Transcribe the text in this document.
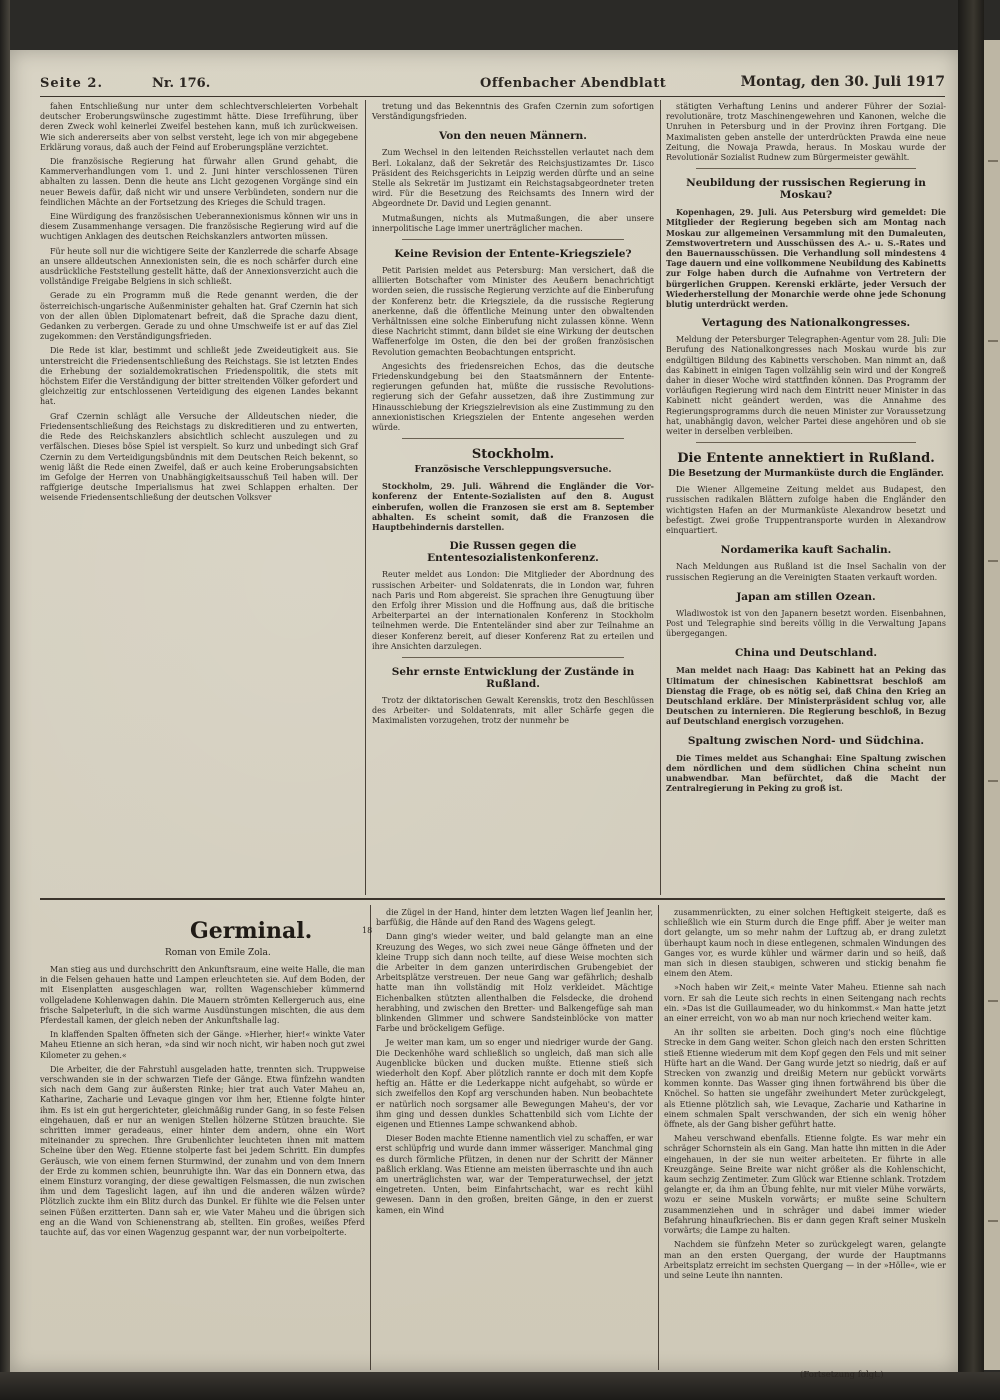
Seite 2.	Nr. 176.	Offenbacher Abendblatt	Montag, den 30. Juli 1917

fahen Entschließung nur unter dem schlechtverschleierten Vorbehalt deutscher Eroberungswünsche zugestimmt hätte. Diese Irreführung, über deren Zweck wohl keinerlei Zweifel bestehen kann, muß ich zurückweisen. Wie sich andererseits aber von selbst versteht, lege ich von mir abgegebene Erklärung voraus, daß auch der Feind auf Eroberungspläne verzichtet.

Die französische Regierung hat fürwahr allen Grund gehabt, die Kammerverhandlungen vom 1. und 2. Juni hinter verschlossenen Türen abhalten zu lassen. Denn die heute ans Licht gezogenen Vorgänge sind ein neuer Beweis dafür, daß nicht wir und unsere Verbündeten, sondern nur die feindlichen Mächte an der Fortsetzung des Krieges die Schuld tragen.

Eine Würdigung des französischen Ueberannexionismus können wir uns in diesem Zusammenhange versagen. Die französische Regierung wird auf die wuchtigen Anklagen des deutschen Reichskanzlers antworten müssen.

Für heute soll nur die wichtigere Seite der Kanzlerrede die scharfe Absage an unsere alldeutschen Annexionisten sein, die es noch schärfer durch eine ausdrückliche Feststellung gestellt hätte, daß der Annexionsverzicht auch die vollständige Freigabe Belgiens in sich schließt.

Gerade zu ein Programm muß die Rede genannt werden, die der österreichisch-ungarische Außenminister gehalten hat. Graf Czernin hat sich von der allen üblen Diplomatenart befreit, daß die Sprache dazu dient, Gedanken zu verbergen. Gerade zu und ohne Umschweife ist er auf das Ziel zugekommen: den Verständigungsfrieden.

Die Rede ist klar, bestimmt und schließt jede Zweideutigkeit aus. Sie unterstreicht die Friedensentschließung des Reichstags. Sie ist letzten Endes die Erhebung der sozialdemokratischen Friedenspolitik, die stets mit höchstem Eifer die Verständigung der bitter streitenden Völker gefordert und gleichzeitig zur entschlossenen Verteidigung des eigenen Landes bekannt hat.

Graf Czernin schlägt alle Versuche der Alldeutschen nieder, die Friedensentschließung des Reichstags zu diskreditieren und zu entwerten, die Rede des Reichskanzlers absichtlich schlecht auszulegen und zu verfälschen. Dieses böse Spiel ist verspielt. So kurz und unbedingt sich Graf Czernin zu dem Verteidigungsbündnis mit dem Deutschen Reich bekennt, so wenig läßt die Rede einen Zweifel, daß er auch keine Eroberungsabsichten im Gefolge der Herren von Unabhängigkeitsausschuß Teil haben will. Der raffgierige deutsche Imperialismus hat zwei Schlappen erhalten. Der weisende Friedensentschließung der deutschen Volksver

tretung und das Bekenntnis des Grafen Czernin zum sofortigen Verständigungsfrieden.

Von den neuen Männern.

Zum Wechsel in den leitenden Reichsstellen verlautet nach dem Berl. Lokalanz, daß der Sekretär des Reichsjustizamtes Dr. Lisco Präsident des Reichsgerichts in Leipzig werden dürfte und an seine Stelle als Sekretär im Justizamt ein Reichstagsabgeordneter treten wird. Für die Besetzung des Reichsamts des Innern wird der Abgeordnete Dr. David und Legien genannt.

Mutmaßungen, nichts als Mutmaßungen, die aber unsere innerpolitische Lage immer unerträglicher machen.

Keine Revision der Entente-Kriegsziele?

Petit Parisien meldet aus Petersburg: Man versichert, daß die alliierten Botschafter vom Minister des Aeußern benachrichtigt worden seien, die russische Regierung verzichte auf die Einberufung der Konferenz betr. die Kriegsziele, da die russische Regierung anerkenne, daß die öffentliche Meinung unter den obwaltenden Verhältnissen eine solche Einberufung nicht zulassen könne. Wenn diese Nachricht stimmt, dann bildet sie eine Wirkung der deutschen Waffenerfolge im Osten, die den bei der großen französischen Revolution gemachten Beobachtungen entspricht.

Angesichts des friedensreichen Echos, das die deutsche Friedenskundgebung bei den Staatsmännern der Ententeregierungen gefunden hat, müßte die russische Revolutionsregierung sich der Gefahr aussetzen, daß ihre Zustimmung zur Hinausschiebung der Kriegszielrevision als eine Zustimmung zu den annexionistischen Kriegszielen der Entente angesehen werden würde.

Stockholm.
Französische Verschleppungsversuche.

Stockholm, 29. Juli. Während die Engländer die Vorkonferenz der Entente-Sozialisten auf den 8. August einberufen, wollen die Franzosen sie erst am 8. September abhalten. Es scheint somit, daß die Franzosen die Hauptbehindernis darstellen.

Die Russen gegen die Ententesozialistenkonferenz.

Reuter meldet aus London: Die Mitglieder der Abordnung des russischen Arbeiter- und Soldatenrats, die in London war, fuhren nach Paris und Rom abgereist. Sie sprachen ihre Genugtuung über den Erfolg ihrer Mission und die Hoffnung aus, daß die britische Arbeiterpartei an der internationalen Konferenz in Stockholm teilnehmen werde. Die Ententeländer sind aber zur Teilnahme an dieser Konferenz bereit, auf dieser Konferenz Rat zu erteilen und ihre Ansichten darzulegen.

Sehr ernste Entwicklung der Zustände in Rußland.

Trotz der diktatorischen Gewalt Kerenskis, trotz den Beschlüssen des Arbeiter- und Soldatenrats, mit aller Schärfe gegen die Maximalisten vorzugehen, trotz der nunmehr be

stätigten Verhaftung Lenins und anderer Führer der Sozialrevolutionäre, trotz Maschinengewehren und Kanonen, welche die Unruhen in Petersburg und in der Provinz ihren Fortgang. Die Maximalisten geben anstelle der unterdrückten Prawda eine neue Zeitung, die Nowaja Prawda, heraus. In Moskau wurde der Revolutionär Sozialist Rudnew zum Bürgermeister gewählt.

Neubildung der russischen Regierung in Moskau?

Kopenhagen, 29. Juli. Aus Petersburg wird gemeldet: Die Mitglieder der Regierung begeben sich am Montag nach Moskau zur allgemeinen Versammlung mit den Dumaleuten, Zemstwovertretern und Ausschüssen des A.- u. S.-Rates und den Bauernausschüssen. Die Verhandlung soll mindestens 4 Tage dauern und eine vollkommene Neubildung des Kabinetts zur Folge haben durch die Aufnahme von Vertretern der bürgerlichen Gruppen. Kerenski erklärte, jeder Versuch der Wiederherstellung der Monarchie werde ohne jede Schonung blutig unterdrückt werden.

Vertagung des Nationalkongresses.

Meldung der Petersburger Telegraphen-Agentur vom 28. Juli: Die Berufung des Nationalkongresses nach Moskau wurde bis zur endgültigen Bildung des Kabinetts verschoben. Man nimmt an, daß das Kabinett in einigen Tagen vollzählig sein wird und der Kongreß daher in dieser Woche wird stattfinden können. Das Programm der vorläufigen Regierung wird nach dem Eintritt neuer Minister in das Kabinett nicht geändert werden, was die Annahme des Regierungsprogramms durch die neuen Minister zur Voraussetzung hat, unabhängig davon, welcher Partei diese angehören und ob sie weiter in derselben verbleiben.

Die Entente annektiert in Rußland.
Die Besetzung der Murmanküste durch die Engländer.

Die Wiener Allgemeine Zeitung meldet aus Budapest, den russischen radikalen Blättern zufolge haben die Engländer den wichtigsten Hafen an der Murmanküste Alexandrow besetzt und befestigt. Zwei große Truppentransporte wurden in Alexandrow einquartiert.

Nordamerika kauft Sachalin.

Nach Meldungen aus Rußland ist die Insel Sachalin von der russischen Regierung an die Vereinigten Staaten verkauft worden.

Japan am stillen Ozean.

Wladiwostok ist von den Japanern besetzt worden. Eisenbahnen, Post und Telegraphie sind bereits völlig in die Verwaltung Japans übergegangen.

China und Deutschland.

Man meldet nach Haag: Das Kabinett hat an Peking das Ultimatum der chinesischen Kabinettsrat beschloß am Dienstag die Frage, ob es nötig sei, daß China den Krieg an Deutschland erkläre. Der Ministerpräsident schlug vor, alle Deutschen zu internieren. Die Regierung beschloß, in Bezug auf Deutschland energisch vorzugehen.

Spaltung zwischen Nord- und Südchina.

Die Times meldet aus Schanghai: Eine Spaltung zwischen dem nördlichen und dem südlichen China scheint nun unabwendbar. Man befürchtet, daß die Macht der Zentralregierung in Peking zu groß ist.

Germinal.	18
Roman von Emile Zola.

Man stieg aus und durchschritt den Ankunftsraum, eine weite Halle, die man in die Felsen gehauen hatte und Lampen erleuchteten sie. Auf dem Boden, der mit Eisenplatten ausgeschlagen war, rollten Wagenschieber kümmernd vollgeladene Kohlenwagen dahin. Die Mauern strömten Kellergeruch aus, eine frische Salpeterluft, in die sich warme Ausdünstungen mischten, die aus dem Pferdestall kamen, der gleich neben der Ankunftshalle lag.

In klaffenden Spalten öffneten sich der Gänge. »Hierher, hier!« winkte Vater Maheu Etienne an sich heran, »da sind wir noch nicht, wir haben noch gut zwei Kilometer zu gehen.«

Die Arbeiter, die der Fahrstuhl ausgeladen hatte, trennten sich. Truppweise verschwanden sie in der schwarzen Tiefe der Gänge. Etwa fünfzehn wandten sich nach dem Gang zur äußersten Rinke; hier trat auch Vater Maheu an, Katharine, Zacharie und Levaque gingen vor ihm her, Etienne folgte hinter ihm. Es ist ein gut hergerichteter, gleichmäßig runder Gang, in so feste Felsen eingehauen, daß er nur an wenigen Stellen hölzerne Stützen brauchte. Sie schritten immer geradeaus, einer hinter dem andern, ohne ein Wort miteinander zu sprechen. Ihre Grubenlichter leuchteten ihnen mit mattem Scheine über den Weg. Etienne stolperte fast bei jedem Schritt. Ein dumpfes Geräusch, wie von einem fernen Sturmwind, der zunahm und von dem Innern der Erde zu kommen schien, beunruhigte ihn. War das ein Donnern etwa, das einem Einsturz voranging, der diese gewaltigen Felsmassen, die nun zwischen ihm und dem Tageslicht lagen, auf ihn und die anderen wälzen würde? Plötzlich zuckte ihm ein Blitz durch das Dunkel. Er fühlte wie die Felsen unter seinen Füßen erzitterten. Dann sah er, wie Vater Maheu und die übrigen sich eng an die Wand von Schienenstrang ab, stellten. Ein großes, weißes Pferd tauchte auf, das vor einen Wagenzug gespannt war, der nun vorbeipolterte.

die Zügel in der Hand, hinter dem letzten Wagen lief Jeanlin her, barfüßig, die Hände auf den Rand des Wagens gelegt.

Dann ging's wieder weiter, und bald gelangte man an eine Kreuzung des Weges, wo sich zwei neue Gänge öffneten und der kleine Trupp sich dann noch teilte, auf diese Weise mochten sich die Arbeiter in dem ganzen unterirdischen Grubengebiet der Arbeitsplätze verstreuen. Der neue Gang war gefährlich; deshalb hatte man ihn vollständig mit Holz verkleidet. Mächtige Eichenbalken stützten allenthalben die Felsdecke, die drohend herabhing, und zwischen den Bretter- und Balkengefüge sah man blinkenden Glimmer und schwere Sandsteinblöcke von matter Farbe und bröckeligem Gefüge.

Je weiter man kam, um so enger und niedriger wurde der Gang. Die Deckenhöhe ward schließlich so ungleich, daß man sich alle Augenblicke bücken und ducken mußte. Etienne stieß sich wiederholt den Kopf. Aber plötzlich rannte er doch mit dem Kopfe heftig an. Hätte er die Lederkappe nicht aufgehabt, so würde er sich zweifellos den Kopf arg verschunden haben. Nun beobachtete er natürlich noch sorgsamer alle Bewegungen Maheu's, der vor ihm ging und dessen dunkles Schattenbild sich vom Lichte der eigenen und Etiennes Lampe schwankend abhob.

Dieser Boden machte Etienne namentlich viel zu schaffen, er war erst schlüpfrig und wurde dann immer wässeriger. Manchmal ging es durch förmliche Pfützen, in denen nur der Schritt der Männer paßlich erklang. Was Etienne am meisten überraschte und ihn auch am unerträglichsten war, war der Temperaturwechsel, der jetzt eingetreten. Unten, beim Einfahrtschacht, war es recht kühl gewesen. Dann in den großen, breiten Gänge, in den er zuerst kamen, ein Wind

zusammenrückten, zu einer solchen Heftigkeit steigerte, daß es schließlich wie ein Sturm durch die Enge pfiff. Aber je weiter man dort gelangte, um so mehr nahm der Luftzug ab, er drang zuletzt überhaupt kaum noch in diese entlegenen, schmalen Windungen des Ganges vor, es wurde kühler und wärmer darin und so heiß, daß man sich in diesen staubigen, schweren und stickig benahm fie einem den Atem.

»Noch haben wir Zeit,« meinte Vater Maheu. Etienne sah nach vorn. Er sah die Leute sich rechts in einen Seitengang nach rechts ein. »Das ist die Guillaumeader, wo du hinkommst.« Man hatte jetzt an einer erreicht, von wo ab man nur noch kriechend weiter kam.

An ihr sollten sie arbeiten. Doch ging's noch eine flüchtige Strecke in dem Gang weiter. Schon gleich nach den ersten Schritten stieß Etienne wiederum mit dem Kopf gegen den Fels und mit seiner Hüfte hart an die Wand. Der Gang wurde jetzt so niedrig, daß er auf Strecken von zwanzig und dreißig Metern nur gebückt vorwärts kommen konnte. Das Wasser ging ihnen fortwährend bis über die Knöchel. So hatten sie ungefähr zweihundert Meter zurückgelegt, als Etienne plötzlich sah, wie Levaque, Zacharie und Katharine in einem schmalen Spalt verschwanden, der sich ein wenig höher öffnete, als der Gang bisher geführt hatte.

Maheu verschwand ebenfalls. Etienne folgte. Es war mehr ein schräger Schornstein als ein Gang. Man hatte ihn mitten in die Ader eingehauen, in der sie nun weiter arbeiteten. Er führte in alle Kreuzgänge. Seine Breite war nicht größer als die Kohlenschicht, kaum sechzig Zentimeter. Zum Glück war Etienne schlank. Trotzdem gelangte er, da ihm an Übung fehlte, nur mit vieler Mühe vorwärts, wozu er seine Muskeln vorwärts; er mußte seine Schultern zusammenziehen und in schräger und dabei immer wieder Befahrung hinaufkriechen. Bis er dann gegen Kraft seiner Muskeln vorwärts; die Lampe zu halten.

Nachdem sie fünfzehn Meter so zurückgelegt waren, gelangte man an den ersten Quergang, der wurde der Hauptmanns Arbeitsplatz erreicht im sechsten Quergang — in der »Hölle«, wie er und seine Leute ihn nannten.

(Fortsetzung folgt.)
